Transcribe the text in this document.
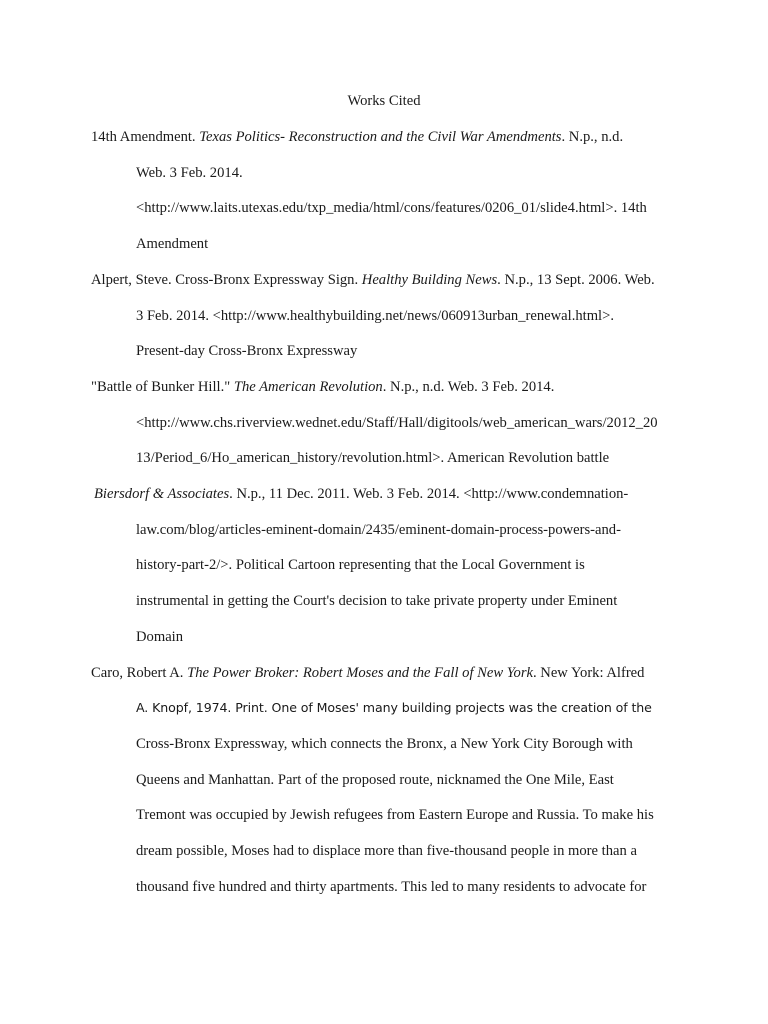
Works Cited
14th Amendment. Texas Politics- Reconstruction and the Civil War Amendments. N.p., n.d.
Web. 3 Feb. 2014.
<http://www.laits.utexas.edu/txp_media/html/cons/features/0206_01/slide4.html>. 14th
Amendment
Alpert, Steve. Cross-Bronx Expressway Sign. Healthy Building News. N.p., 13 Sept. 2006. Web.
3 Feb. 2014. <http://www.healthybuilding.net/news/060913urban_renewal.html>.
Present-day Cross-Bronx Expressway
"Battle of Bunker Hill." The American Revolution. N.p., n.d. Web. 3 Feb. 2014.
<http://www.chs.riverview.wednet.edu/Staff/Hall/digitools/web_american_wars/2012_20
13/Period_6/Ho_american_history/revolution.html>. American Revolution battle
Biersdorf & Associates. N.p., 11 Dec. 2011. Web. 3 Feb. 2014. <http://www.condemnation-
law.com/blog/articles-eminent-domain/2435/eminent-domain-process-powers-and-
history-part-2/>. Political Cartoon representing that the Local Government is
instrumental in getting the Court's decision to take private property under Eminent
Domain
Caro, Robert A. The Power Broker: Robert Moses and the Fall of New York. New York: Alfred
A. Knopf, 1974. Print. One of Moses' many building projects was the creation of the
Cross-Bronx Expressway, which connects the Bronx, a New York City Borough with
Queens and Manhattan. Part of the proposed route, nicknamed the One Mile, East
Tremont was occupied by Jewish refugees from Eastern Europe and Russia. To make his
dream possible, Moses had to displace more than five-thousand people in more than a
thousand five hundred and thirty apartments. This led to many residents to advocate for
